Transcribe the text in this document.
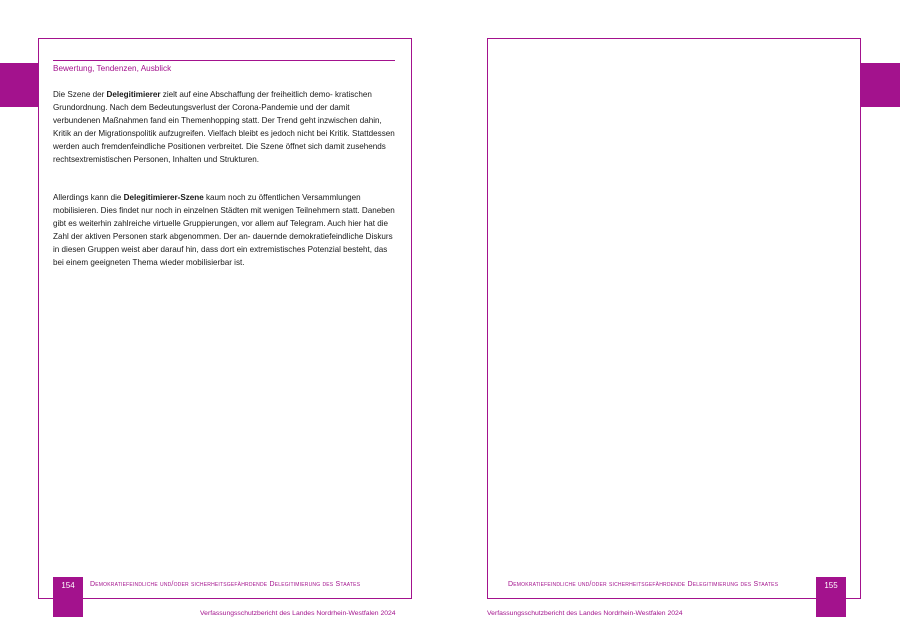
Bewertung, Tendenzen, Ausblick
Die Szene der Delegitimierer zielt auf eine Abschaffung der freiheitlich demo- kratischen Grundordnung. Nach dem Bedeutungsverlust der Corona-Pandemie und der damit verbundenen Maßnahmen fand ein Themenhopping statt. Der Trend geht inzwischen dahin, Kritik an der Migrationspolitik aufzugreifen. Vielfach bleibt es jedoch nicht bei Kritik. Stattdessen werden auch fremdenfeindliche Positionen verbreitet. Die Szene öffnet sich damit zusehends rechtsextremistischen Personen, Inhalten und Strukturen.
Allerdings kann die Delegitimierer-Szene kaum noch zu öffentlichen Versammlungen mobilisieren. Dies findet nur noch in einzelnen Städten mit wenigen Teilnehmern statt. Daneben gibt es weiterhin zahlreiche virtuelle Gruppierungen, vor allem auf Telegram. Auch hier hat die Zahl der aktiven Personen stark abgenommen. Der an- dauernde demokratiefeindliche Diskurs in diesen Gruppen weist aber darauf hin, dass dort ein extremistisches Potenzial besteht, das bei einem geeigneten Thema wieder mobilisierbar ist.
154	Demokratiefeindliche und/oder sicherheitsgefährdende Delegitimierung des Staates
Verfassungsschutzbericht des Landes Nordrhein-Westfalen 2024
155
Demokratiefeindliche und/oder sicherheitsgefährdende Delegitimierung des Staates
Verfassungsschutzbericht des Landes Nordrhein-Westfalen 2024
